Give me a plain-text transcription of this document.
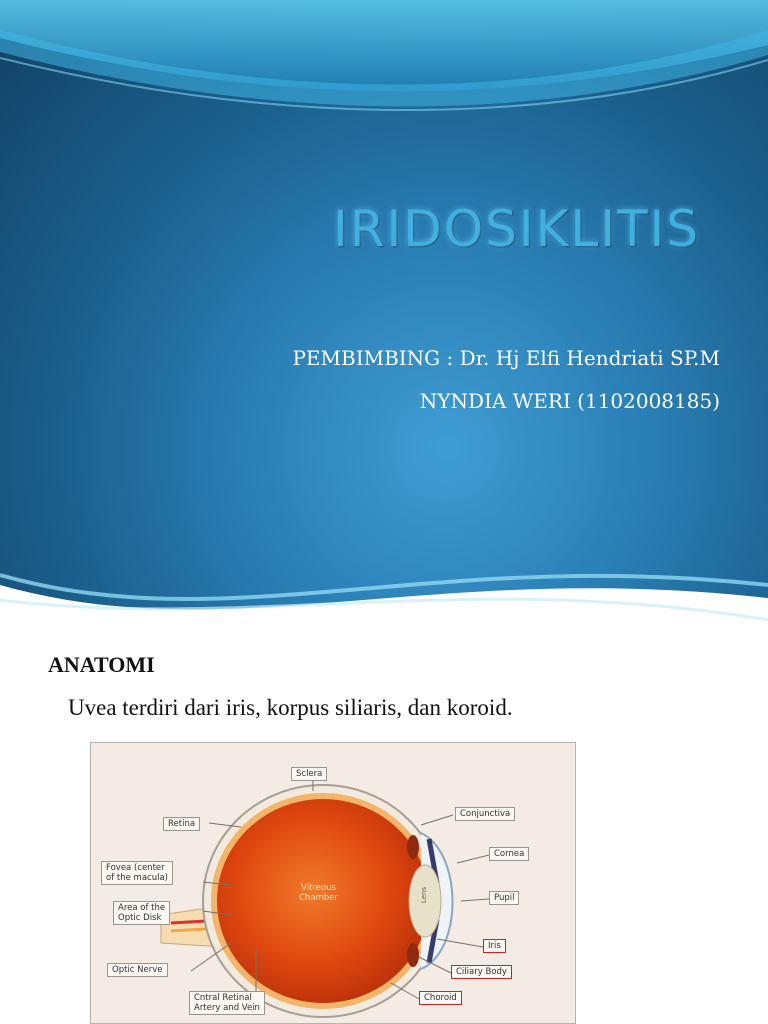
IRIDOSIKLITIS
PEMBIMBING : Dr. Hj Elfi Hendriati SP.M
NYNDIA WERI (1102008185)
ANATOMI
Uvea terdiri dari iris, korpus siliaris, dan koroid.
Sclera
Retina
Fovea (center
of the macula)
Area of the
Optic Disk
Optic Nerve
Cntral Retinal
Artery and Vein
Conjunctiva
Cornea
Pupil
Iris
Ciliary Body
Choroid
Vitreous
Chamber	Lens
